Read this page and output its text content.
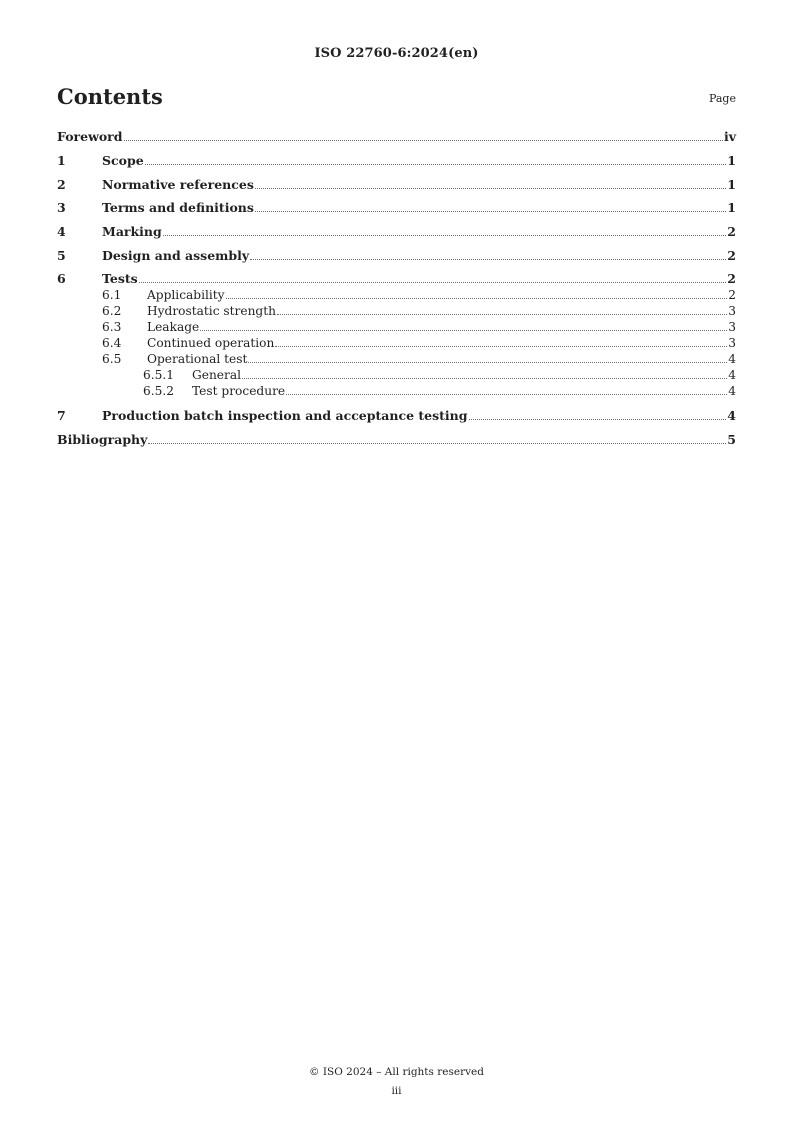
ISO 22760-6:2024(en)
Contents	Page
Foreword	iv
1	Scope	1
2	Normative references	1
3	Terms and definitions	1
4	Marking	2
5	Design and assembly	2
6	Tests	2
6.1	Applicability	2
6.2	Hydrostatic strength	3
6.3	Leakage	3
6.4	Continued operation	3
6.5	Operational test	4
6.5.1	General	4
6.5.2	Test procedure	4
7	Production batch inspection and acceptance testing	4
Bibliography	5
© ISO 2024 – All rights reserved
iii
